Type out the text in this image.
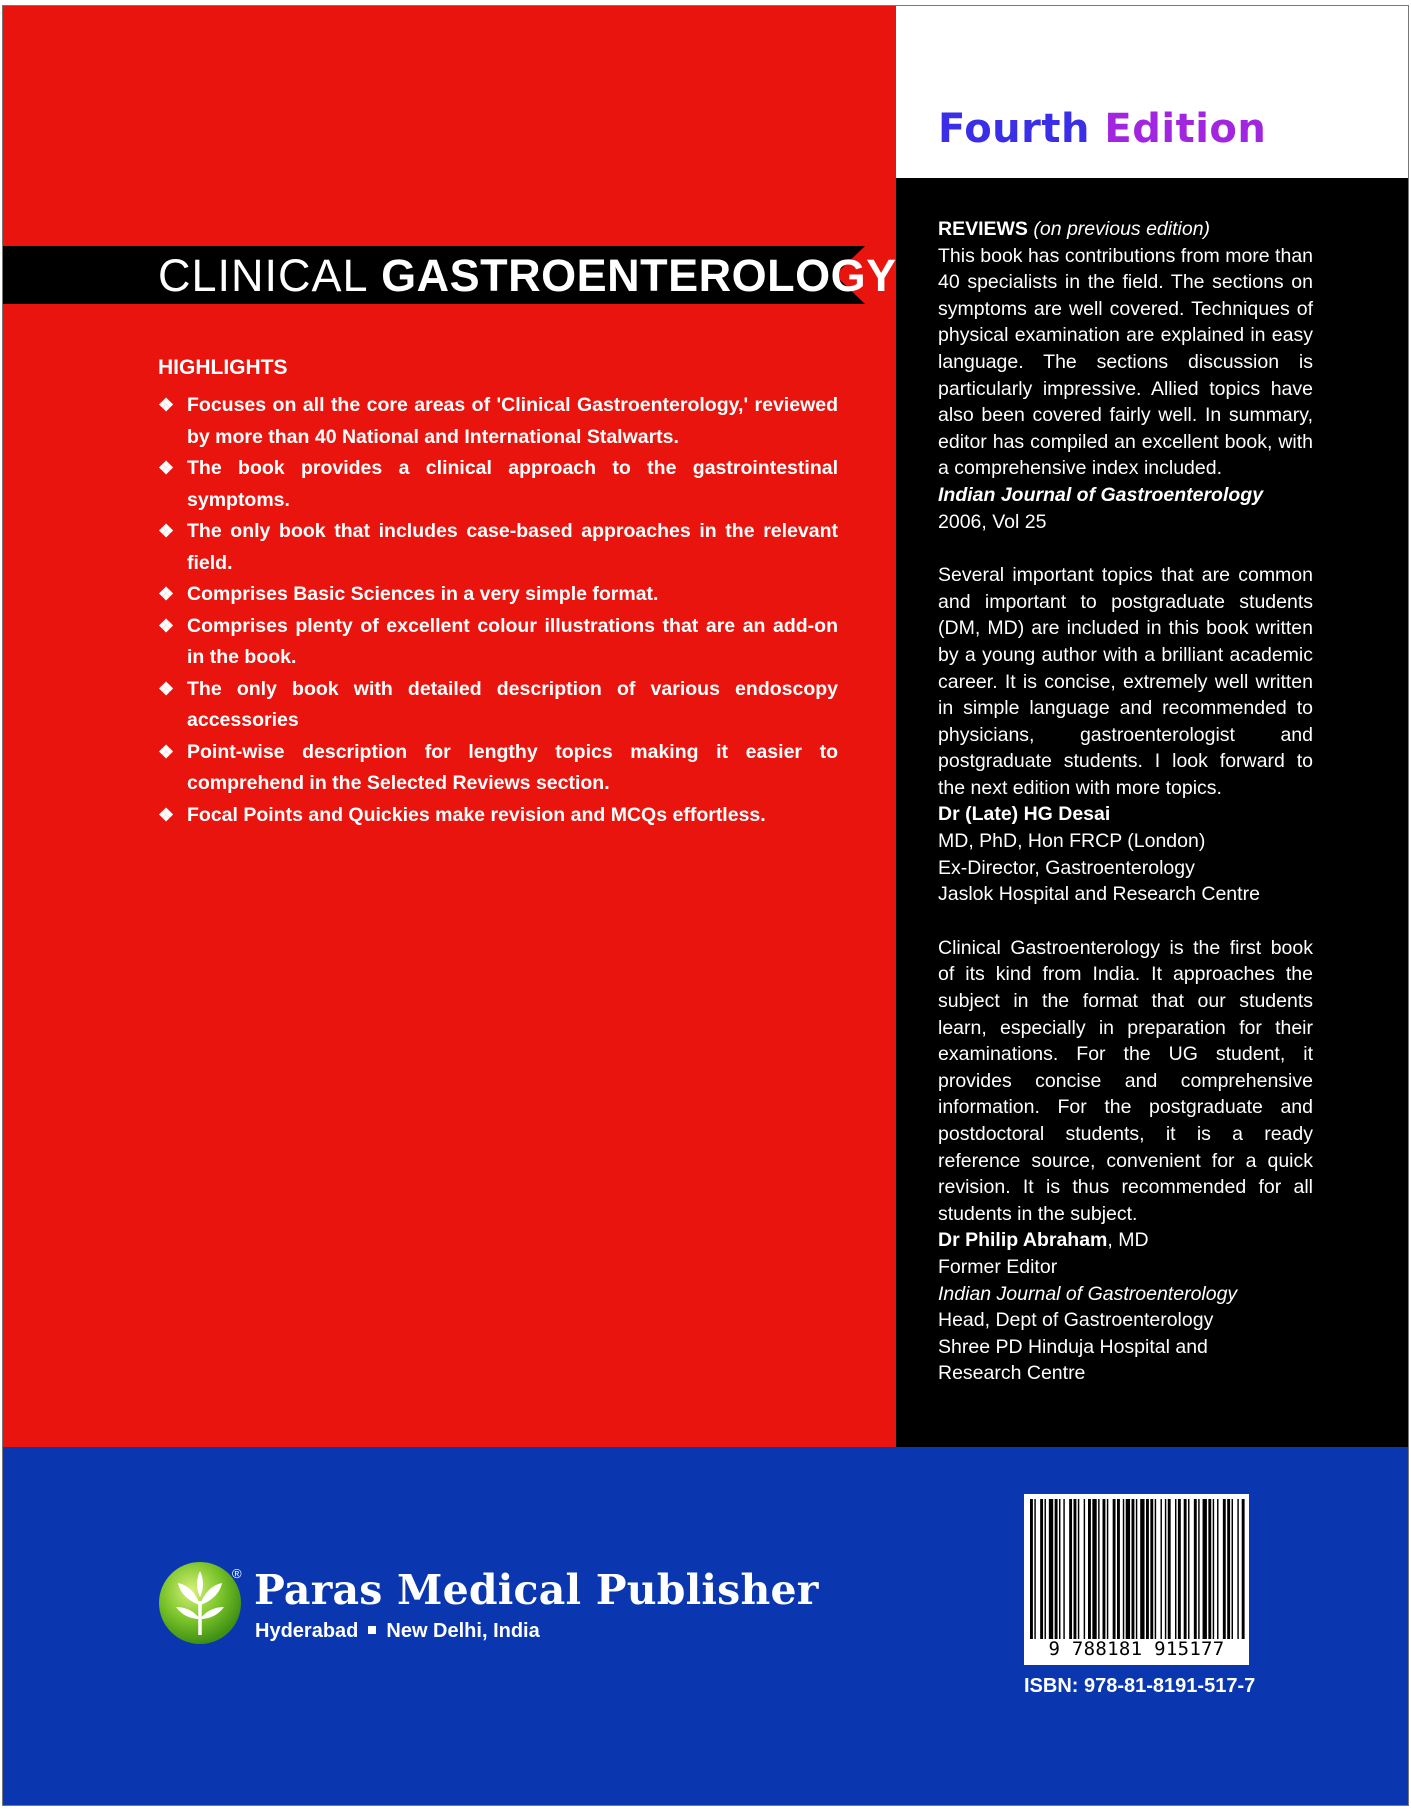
Fourth Edition
CLINICAL GASTROENTEROLOGY
HIGHLIGHTS
❖ Focuses on all the core areas of 'Clinical Gastroenterology,' reviewed by more than 40 National and International Stalwarts.
❖ The book provides a clinical approach to the gastrointestinal symptoms.
❖ The only book that includes case-based approaches in the relevant field.
❖ Comprises Basic Sciences in a very simple format.
❖ Comprises plenty of excellent colour illustrations that are an add-on in the book.
❖ The only book with detailed description of various endoscopy accessories
❖ Point-wise description for lengthy topics making it easier to comprehend in the Selected Reviews section.
❖ Focal Points and Quickies make revision and MCQs effortless.

REVIEWS (on previous edition)

This book has contributions from more than 40 specialists in the field. The sections on symptoms are well covered. Techniques of physical examination are explained in easy language. The sections discussion is particularly impressive. Allied topics have also been covered fairly well. In summary, editor has compiled an excellent book, with a comprehensive index included.

Indian Journal of Gastroenterology

2006, Vol 25

Several important topics that are common and important to postgraduate students (DM, MD) are included in this book written by a young author with a brilliant academic career. It is concise, extremely well written in simple language and recommended to physicians, gastroenterologist and postgraduate students. I look forward to the next edition with more topics.

Dr (Late) HG Desai

MD, PhD, Hon FRCP (London)

Ex-Director, Gastroenterology

Jaslok Hospital and Research Centre

Clinical Gastroenterology is the first book of its kind from India. It approaches the subject in the format that our students learn, especially in preparation for their examinations. For the UG student, it provides concise and comprehensive information. For the postgraduate and postdoctoral students, it is a ready reference source, convenient for a quick revision. It is thus recommended for all students in the subject.

Dr Philip Abraham, MD

Former Editor

Indian Journal of Gastroenterology

Head, Dept of Gastroenterology

Shree PD Hinduja Hospital and

Research Centre

® Paras Medical Publisher
Hyderabad New Delhi, India
9 788181 915177
ISBN: 978-81-8191-517-7
